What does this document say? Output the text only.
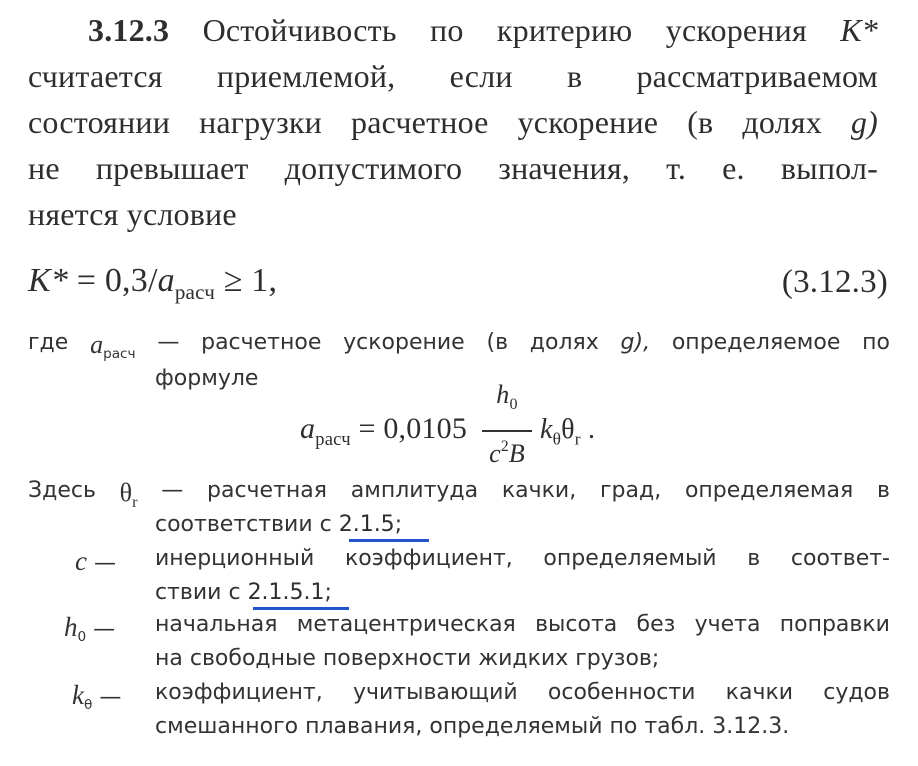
3.12.3 Остойчивость по критерию ускорения K*
считается приемлемой, если в рассматриваемом
состоянии нагрузки расчетное ускорение (в долях g)
не превышает допустимого значения, т. е. выпол-
няется условие
$K* = 0,3/a_{расч} \ge 1$,	(3.12.3)
где $a_{расч}$ — расчетное ускорение (в долях g), определяемое по
формуле
$a_{расч} = 0,0105$
$h_0$
$c^2B$
$k_\theta\theta_r$ .
Здесь $\theta_r$ — расчетная амплитуда качки, град, определяемая в
соответствии с 2.1.5;
c — инерционный коэффициент, определяемый в соотвeт-
ствии с 2.1.5.1;
$h_0$ — начальная метацентрическая высота без учета поправки
на свободные поверхности жидких грузов;
$k_\theta$ — коэффициент, учитывающий особенности качки судов
смешанного плавания, определяемый по табл. 3.12.3.
